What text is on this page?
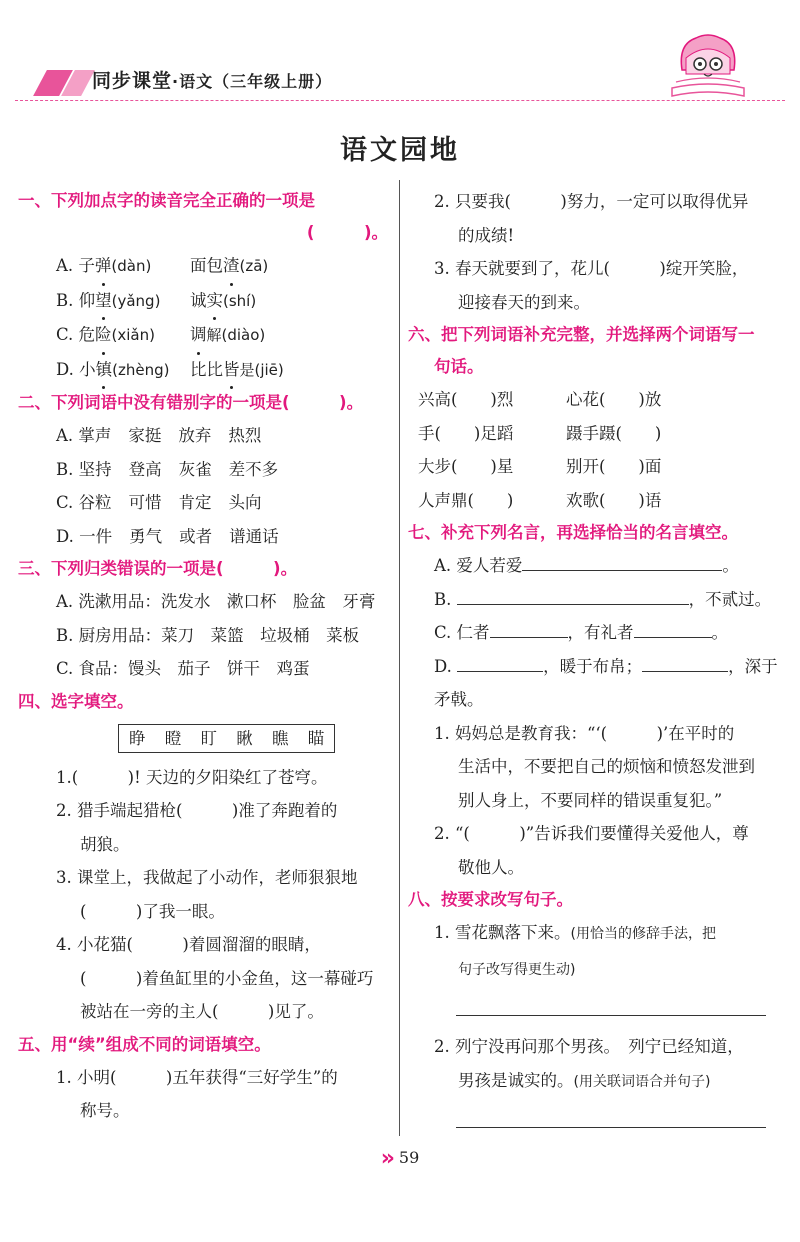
同步课堂·语文（三年级上册）
语文园地
一、下列加点字的读音完全正确的一项是
(　　　)。
A. 子弹(dàn) 面包渣(zā)
B. 仰望(yǎng) 诚实(shí)
C. 危险(xiǎn) 调解(diào)
D. 小镇(zhèng) 比比皆是(jiē)
二、下列词语中没有错别字的一项是(　　　)。
A. 掌声 家挺 放弃 热烈
B. 坚持 登高 灰雀 差不多
C. 谷粒 可惜 肯定 头向
D. 一件 勇气 或者 谱通话
三、下列归类错误的一项是(　　　)。
A. 洗漱用品：洗发水　漱口杯　脸盆　牙膏
B. 厨房用品：菜刀　菜篮　垃圾桶　菜板
C. 食品：馒头　茄子　饼干　鸡蛋
四、选字填空。
睁 瞪 盯 瞅 瞧 瞄
1.(　　　)! 天边的夕阳染红了苍穹。
2. 猎手端起猎枪(　　　)准了奔跑着的
胡狼。
3. 课堂上，我做起了小动作，老师狠狠地
(　　　)了我一眼。
4. 小花猫(　　　)着圆溜溜的眼睛，
(　　　)着鱼缸里的小金鱼，这一幕碰巧
被站在一旁的主人(　　　)见了。
五、用“续”组成不同的词语填空。
1. 小明(　　　)五年获得“三好学生”的
称号。
2. 只要我(　　　)努力，一定可以取得优异
的成绩!
3. 春天就要到了，花儿(　　　)绽开笑脸，
迎接春天的到来。
六、把下列词语补充完整，并选择两个词语写一
句话。
兴高(　　)烈	心花(　　)放
手(　　)足蹈	蹑手蹑(　　)
大步(　　)星	别开(　　)面
人声鼎(　　)	欢歌(　　)语
七、补充下列名言，再选择恰当的名言填空。
A. 爱人若爱	。
B.	，不贰过。
C. 仁者	，有礼者	。
D.	，暖于布帛；	，深于
矛戟。
1. 妈妈总是教育我：“‘(　　　)’在平时的
生活中，不要把自己的烦恼和愤怒发泄到
别人身上，不要同样的错误重复犯。”
2. “(　　　)”告诉我们要懂得关爱他人，尊
敬他人。
八、按要求改写句子。
1. 雪花飘落下来。(用恰当的修辞手法，把
句子改写得更生动)
2. 列宁没再问那个男孩。　列宁已经知道，
男孩是诚实的。(用关联词语合并句子)
» 59
